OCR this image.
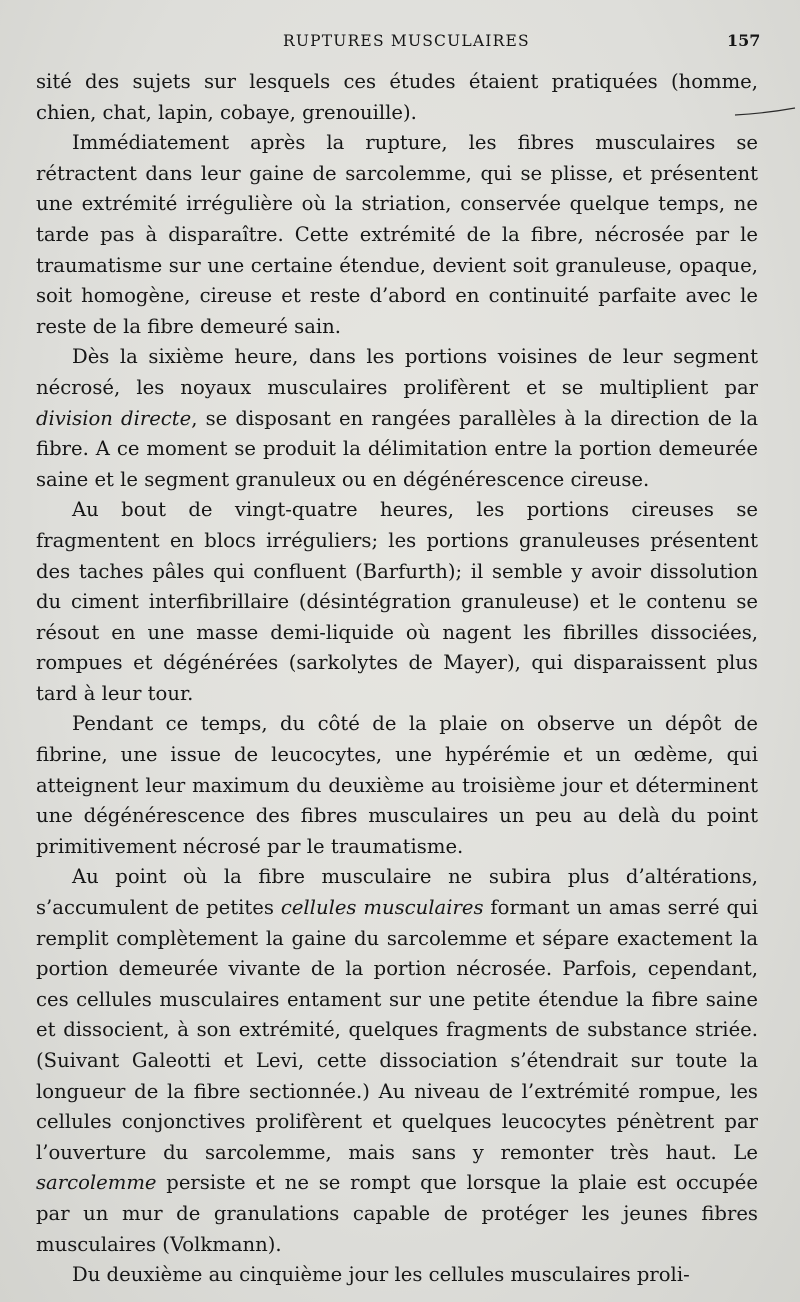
RUPTURES MUSCULAIRES	157

sité des sujets sur lesquels ces études étaient pratiquées (homme, chien, chat, lapin, cobaye, grenouille).

Immédiatement après la rupture, les fibres musculaires se rétractent dans leur gaine de sarcolemme, qui se plisse, et présentent une extrémité irrégulière où la striation, conservée quelque temps, ne tarde pas à disparaître. Cette extrémité de la fibre, nécrosée par le traumatisme sur une certaine étendue, devient soit granuleuse, opaque, soit homogène, cireuse et reste d’abord en continuité parfaite avec le reste de la fibre demeuré sain.

Dès la sixième heure, dans les portions voisines de leur segment nécrosé, les noyaux musculaires prolifèrent et se multiplient par division directe, se disposant en rangées parallèles à la direction de la fibre. A ce moment se produit la délimitation entre la portion demeurée saine et le segment granuleux ou en dégénérescence cireuse.

Au bout de vingt-quatre heures, les portions cireuses se fragmentent en blocs irréguliers; les portions granuleuses présentent des taches pâles qui confluent (Barfurth); il semble y avoir dissolution du ciment interfibrillaire (désintégration granuleuse) et le contenu se résout en une masse demi-liquide où nagent les fibrilles dissociées, rompues et dégénérées (sarkolytes de Mayer), qui disparaissent plus tard à leur tour.

Pendant ce temps, du côté de la plaie on observe un dépôt de fibrine, une issue de leucocytes, une hypérémie et un œdème, qui atteignent leur maximum du deuxième au troisième jour et déterminent une dégénérescence des fibres musculaires un peu au delà du point primitivement nécrosé par le traumatisme.

Au point où la fibre musculaire ne subira plus d’altérations, s’accumulent de petites cellules musculaires formant un amas serré qui remplit complètement la gaine du sarcolemme et sépare exactement la portion demeurée vivante de la portion nécrosée. Parfois, cependant, ces cellules musculaires entament sur une petite étendue la fibre saine et dissocient, à son extrémité, quelques fragments de substance striée. (Suivant Galeotti et Levi, cette dissociation s’étendrait sur toute la longueur de la fibre sectionnée.) Au niveau de l’extrémité rompue, les cellules conjonctives prolifèrent et quelques leucocytes pénètrent par l’ouverture du sarcolemme, mais sans y remonter très haut. Le sarcolemme persiste et ne se rompt que lorsque la plaie est occupée par un mur de granulations capable de protéger les jeunes fibres musculaires (Volkmann).

Du deuxième au cinquième jour les cellules musculaires proli-
